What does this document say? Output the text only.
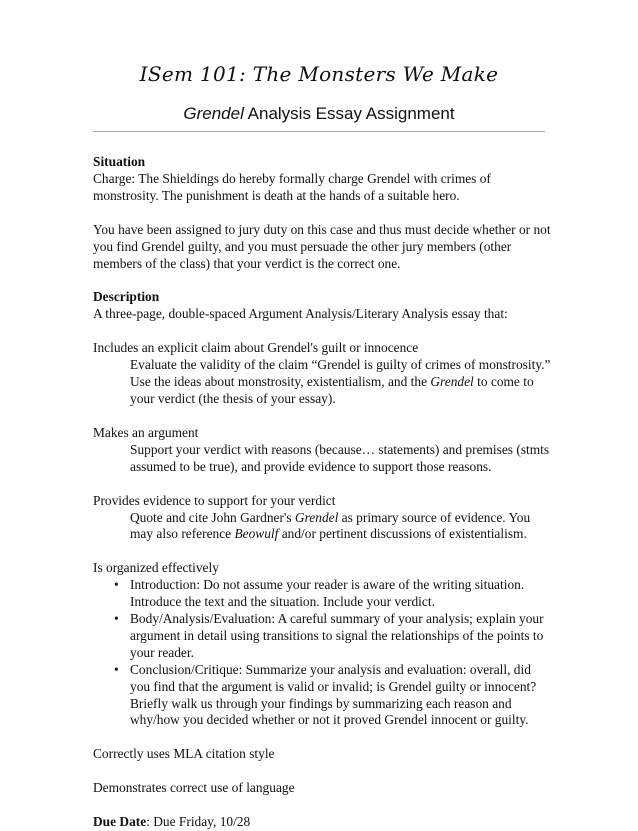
ISem 101: The Monsters We Make
Grendel Analysis Essay Assignment

Situation

Charge: The Shieldings do hereby formally charge Grendel with crimes of monstrosity. The punishment is death at the hands of a suitable hero.

You have been assigned to jury duty on this case and thus must decide whether or not you find Grendel guilty, and you must persuade the other jury members (other members of the class) that your verdict is the correct one.

Description

A three-page, double-spaced Argument Analysis/Literary Analysis essay that:

Includes an explicit claim about Grendel's guilt or innocence

Evaluate the validity of the claim “Grendel is guilty of crimes of monstrosity.”

Use the ideas about monstrosity, existentialism, and the Grendel to come to your verdict (the thesis of your essay).

Makes an argument

Support your verdict with reasons (because… statements) and premises (stmts assumed to be true), and provide evidence to support those reasons.

Provides evidence to support for your verdict

Quote and cite John Gardner's Grendel as primary source of evidence. You may also reference Beowulf and/or pertinent discussions of existentialism.

Is organized effectively

• Introduction: Do not assume your reader is aware of the writing situation. Introduce the text and the situation. Include your verdict.
• Body/Analysis/Evaluation: A careful summary of your analysis; explain your argument in detail using transitions to signal the relationships of the points to your reader.
• Conclusion/Critique: Summarize your analysis and evaluation: overall, did you find that the argument is valid or invalid; is Grendel guilty or innocent? Briefly walk us through your findings by summarizing each reason and why/how you decided whether or not it proved Grendel innocent or guilty.

Correctly uses MLA citation style

Demonstrates correct use of language

Due Date: Due Friday, 10/28
